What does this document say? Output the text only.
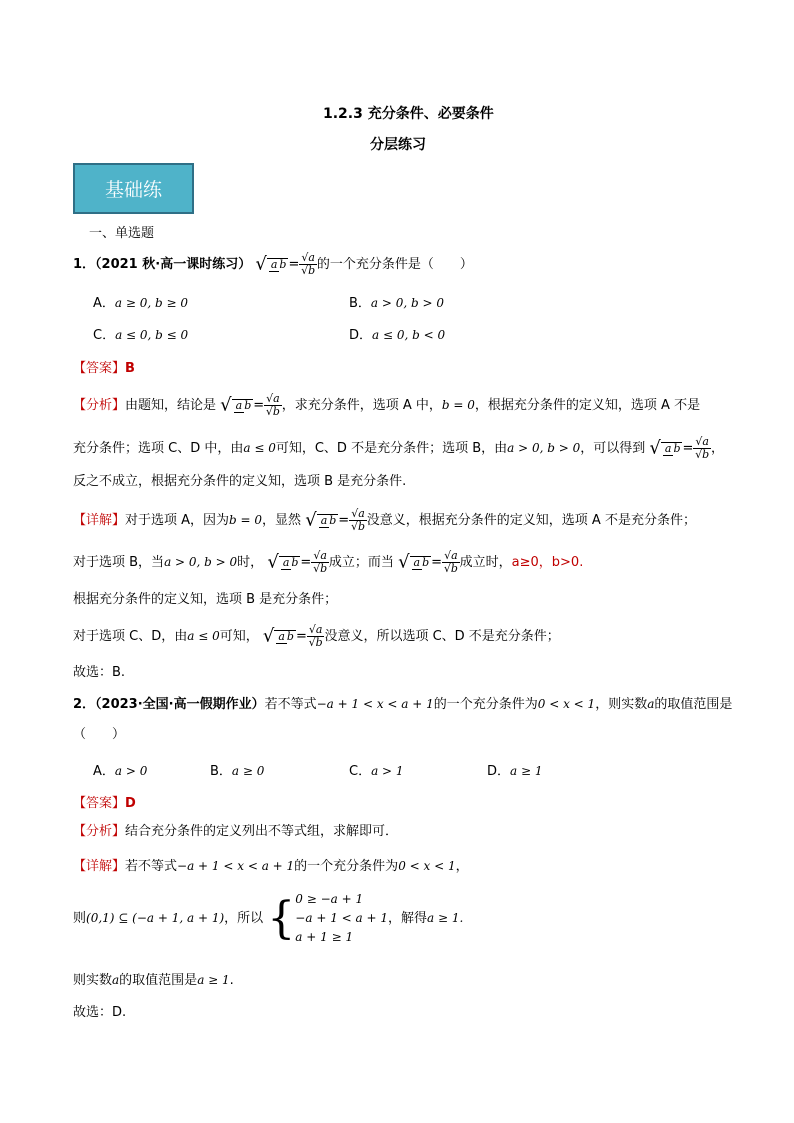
1.2.3 充分条件、必要条件
分层练习
基础练
一、单选题
1．（2021 秋·高一课时练习） √ a $b = \frac{√a}{√b}$ 的一个充分条件是（　　）
A．a ≥ 0, b ≥ 0	B．a > 0, b > 0
C．a ≤ 0, b ≤ 0	D．a ≤ 0, b < 0
【答案】B
【分析】由题知，结论是 √ a $b = \frac{√a}{√b}$ ，求充分条件，选项 A 中，b = 0，根据充分条件的定义知，选项 A 不是
充分条件；选项 C、D 中，由a ≤ 0可知，C、D 不是充分条件；选项 B，由a > 0, b > 0，可以得到 √ a $b = \frac{√a}{√b}$ ，
反之不成立，根据充分条件的定义知，选项 B 是充分条件.
【详解】对于选项 A，因为b = 0，显然 √ a $b = \frac{√a}{√b}$ 没意义，根据充分条件的定义知，选项 A 不是充分条件；
对于选项 B，当a > 0, b > 0时， √ a $b = \frac{√a}{√b}$ 成立；而当 √ a $b = \frac{√a}{√b}$ 成立时，a≥0，b>0.
根据充分条件的定义知，选项 B 是充分条件；
对于选项 C、D，由a ≤ 0可知， √ a $b = \frac{√a}{√b}$ 没意义，所以选项 C、D 不是充分条件；
故选：B.
2．（2023·全国·高一假期作业）若不等式−a + 1 < x < a + 1的一个充分条件为0 < x < 1，则实数a的取值范围是
（　　）
A．a > 0	B．a ≥ 0	C．a > 1	D．a ≥ 1
【答案】D
【分析】结合充分条件的定义列出不等式组，求解即可．
【详解】若不等式−a + 1 < x < a + 1的一个充分条件为0 < x < 1，
则(0,1) ⊆ (−a + 1, a + 1)，所以 { 0 ≥ −a + 1
−a + 1 < a + 1
a + 1 ≥ 1
，解得a ≥ 1.
则实数a的取值范围是a ≥ 1.
故选：D.
